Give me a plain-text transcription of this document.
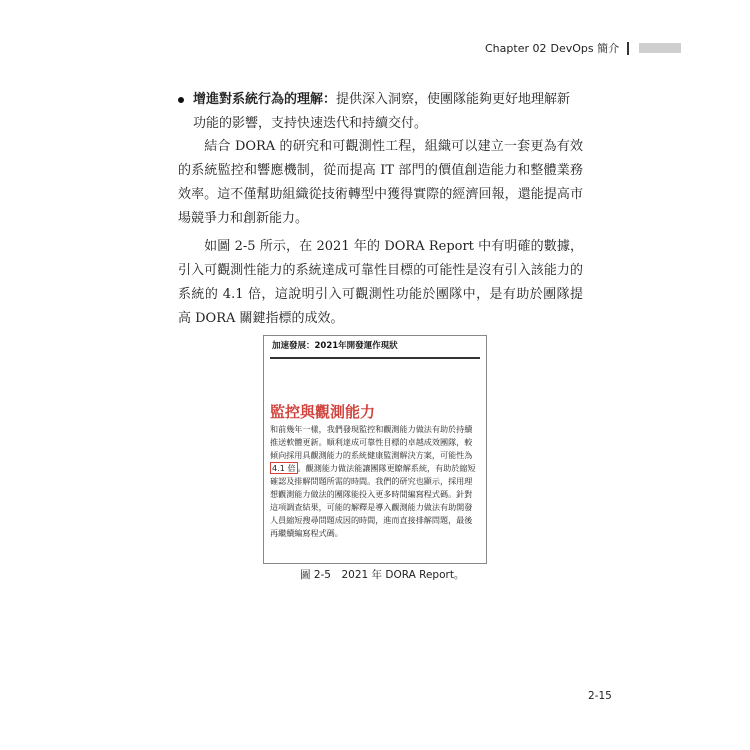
Chapter 02 DevOps 簡介
增進對系統行為的理解：提供深入洞察，使團隊能夠更好地理解新功能的影響，支持快速迭代和持續交付。
結合 DORA 的研究和可觀測性工程，組織可以建立一套更為有效的系統監控和響應機制，從而提高 IT 部門的價值創造能力和整體業務效率。這不僅幫助組織從技術轉型中獲得實際的經濟回報，還能提高市場競爭力和創新能力。
如圖 2-5 所示，在 2021 年的 DORA Report 中有明確的數據，引入可觀測性能力的系統達成可靠性目標的可能性是沒有引入該能力的系統的 4.1 倍，這說明引入可觀測性功能於團隊中，是有助於團隊提高 DORA 關鍵指標的成效。
加速發展：2021年開發運作現狀
監控與觀測能力
和前幾年一樣，我們發現監控和觀測能力做法有助於持續推送軟體更新。順利達成可靠性目標的卓越成效團隊，較傾向採用具觀測能力的系統健康監測解決方案，可能性為4.1 倍 。觀測能力做法能讓團隊更瞭解系統，有助於縮短確認及排解問題所需的時間。我們的研究也顯示，採用理想觀測能力做法的團隊能投入更多時間編寫程式碼。針對這項調查結果，可能的解釋是導入觀測能力做法有助開發人員縮短搜尋問題成因的時間，進而直接排解問題，最後再繼續編寫程式碼。
圖 2-5　2021 年 DORA Report。
2-15
